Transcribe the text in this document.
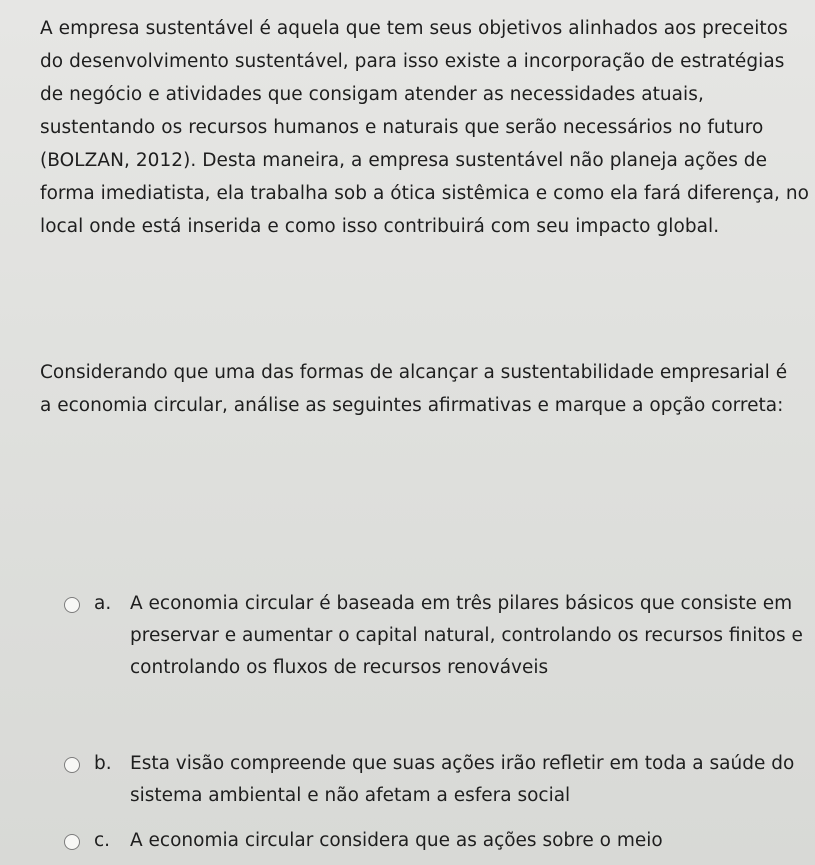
A empresa sustentável é aquela que tem seus objetivos alinhados aos preceitos do desenvolvimento sustentável, para isso existe a incorporação de estratégias de negócio e atividades que consigam atender as necessidades atuais, sustentando os recursos humanos e naturais que serão necessários no futuro (BOLZAN, 2012). Desta maneira, a empresa sustentável não planeja ações de forma imediatista, ela trabalha sob a ótica sistêmica e como ela fará diferença, no local onde está inserida e como isso contribuirá com seu impacto global.

Considerando que uma das formas de alcançar a sustentabilidade empresarial é a economia circular, análise as seguintes afirmativas e marque a opção correta:

a.	A economia circular é baseada em três pilares básicos que consiste em preservar e aumentar o capital natural, controlando os recursos finitos e controlando os fluxos de recursos renováveis
b. Esta visão compreende que suas ações irão refletir em toda a saúde do sistema ambiental e não afetam a esfera social
c.	A economia circular considera que as ações sobre o meio
